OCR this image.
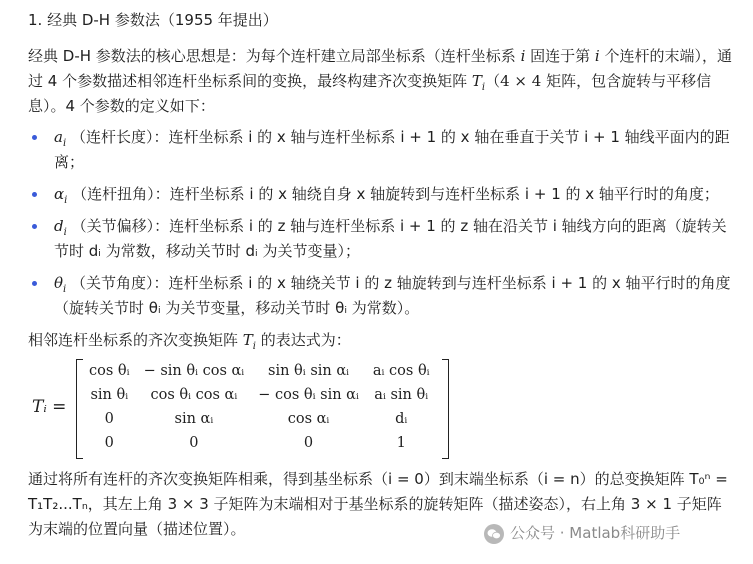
1. 经典 D-H 参数法（1955 年提出）

经典 D-H 参数法的核心思想是：为每个连杆建立局部坐标系（连杆坐标系 i 固连于第 i 个连杆的末端），通过 4 个参数描述相邻连杆坐标系间的变换，最终构建齐次变换矩阵 $T_i(4 \times 4$ 矩阵，包含旋转与平移信息）。4 个参数的定义如下：

$a_i$ （连杆长度）：连杆坐标系 i 的 x 轴与连杆坐标系 i + 1 的 x 轴在垂直于关节 i + 1 轴线平面内的距离；
$\alpha_i$ （连杆扭角）：连杆坐标系 i 的 x 轴绕自身 x 轴旋转到与连杆坐标系 i + 1 的 x 轴平行时的角度；
$d_i$ （关节偏移）：连杆坐标系 i 的 z 轴与连杆坐标系 i + 1 的 z 轴在沿关节 i 轴线方向的距离（旋转关节时 dᵢ 为常数，移动关节时 dᵢ 为关节变量）；
$\theta_i$ （关节角度）：连杆坐标系 i 的 x 轴绕关节 i 的 z 轴旋转到与连杆坐标系 i + 1 的 x 轴平行时的角度（旋转关节时 θᵢ 为关节变量，移动关节时 θᵢ 为常数）。

相邻连杆坐标系的齐次变换矩阵 $T_i$ 的表达式为：

Tᵢ =
cos θᵢ	− sin θᵢ cos αᵢ	sin θᵢ sin αᵢ	aᵢ cos θᵢ
sin θᵢ	cos θᵢ cos αᵢ	− cos θᵢ sin αᵢ	aᵢ sin θᵢ
0	sin αᵢ	cos αᵢ	dᵢ
0	0	0	1

通过将所有连杆的齐次变换矩阵相乘，得到基坐标系（i = 0）到末端坐标系（i = n）的总变换矩阵 T₀ⁿ = T₁T₂...Tₙ，其左上角 3 × 3 子矩阵为末端相对于基坐标系的旋转矩阵（描述姿态），右上角 3 × 1 子矩阵为末端的位置向量（描述位置）。	公众号 · Matlab科研助手
